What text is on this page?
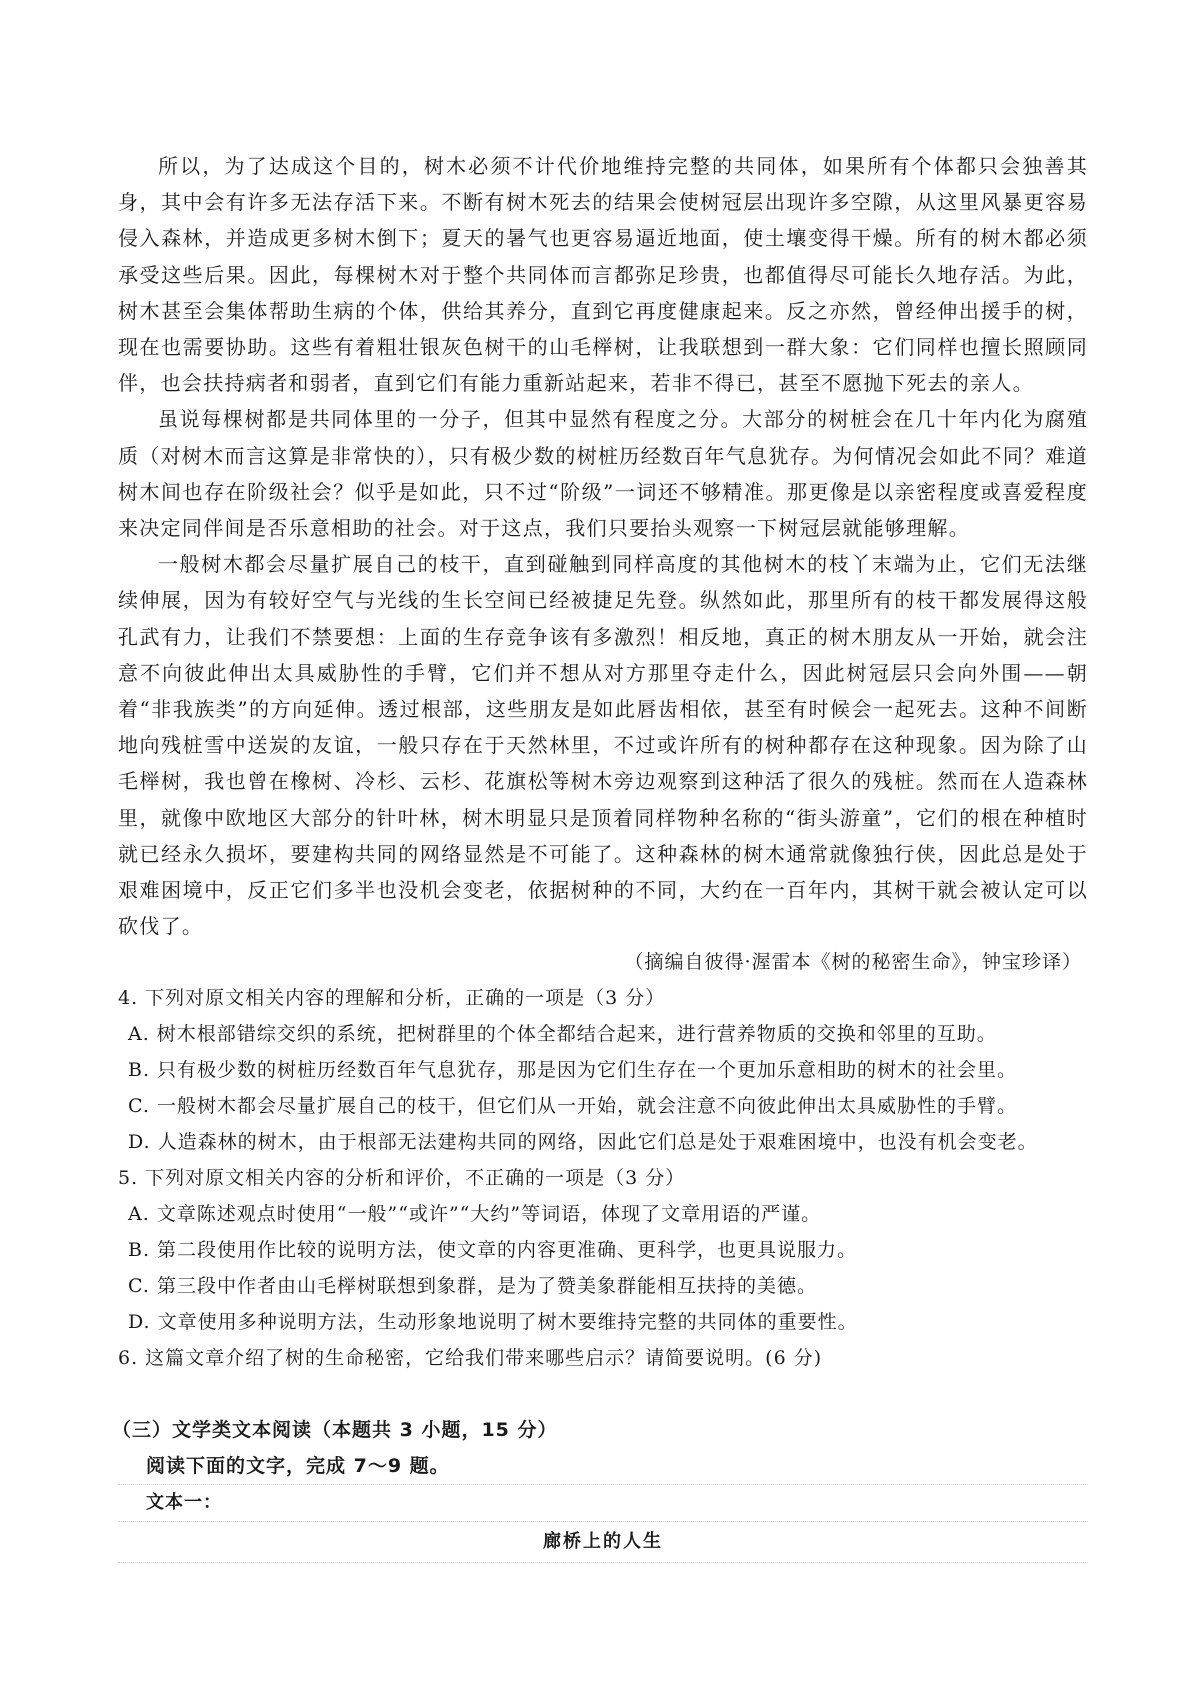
所以，为了达成这个目的，树木必须不计代价地维持完整的共同体，如果所有个体都只会独善其身，其中会有许多无法存活下来。不断有树木死去的结果会使树冠层出现许多空隙，从这里风暴更容易侵入森林，并造成更多树木倒下；夏天的暑气也更容易逼近地面，使土壤变得干燥。所有的树木都必须承受这些后果。因此，每棵树木对于整个共同体而言都弥足珍贵，也都值得尽可能长久地存活。为此，树木甚至会集体帮助生病的个体，供给其养分，直到它再度健康起来。反之亦然，曾经伸出援手的树，现在也需要协助。这些有着粗壮银灰色树干的山毛榉树，让我联想到一群大象：它们同样也擅长照顾同伴，也会扶持病者和弱者，直到它们有能力重新站起来，若非不得已，甚至不愿抛下死去的亲人。

虽说每棵树都是共同体里的一分子，但其中显然有程度之分。大部分的树桩会在几十年内化为腐殖质（对树木而言这算是非常快的），只有极少数的树桩历经数百年气息犹存。为何情况会如此不同？难道树木间也存在阶级社会？似乎是如此，只不过“阶级”一词还不够精准。那更像是以亲密程度或喜爱程度来决定同伴间是否乐意相助的社会。对于这点，我们只要抬头观察一下树冠层就能够理解。

一般树木都会尽量扩展自己的枝干，直到碰触到同样高度的其他树木的枝丫末端为止，它们无法继续伸展，因为有较好空气与光线的生长空间已经被捷足先登。纵然如此，那里所有的枝干都发展得这般孔武有力，让我们不禁要想：上面的生存竞争该有多激烈！相反地，真正的树木朋友从一开始，就会注意不向彼此伸出太具威胁性的手臂，它们并不想从对方那里夺走什么，因此树冠层只会向外围——朝着“非我族类”的方向延伸。透过根部，这些朋友是如此唇齿相依，甚至有时候会一起死去。这种不间断地向残桩雪中送炭的友谊，一般只存在于天然林里，不过或许所有的树种都存在这种现象。因为除了山毛榉树，我也曾在橡树、冷杉、云杉、花旗松等树木旁边观察到这种活了很久的残桩。然而在人造森林里，就像中欧地区大部分的针叶林，树木明显只是顶着同样物种名称的“街头游童”，它们的根在种植时就已经永久损坏，要建构共同的网络显然是不可能了。这种森林的树木通常就像独行侠，因此总是处于艰难困境中，反正它们多半也没机会变老，依据树种的不同，大约在一百年内，其树干就会被认定可以砍伐了。

（摘编自彼得·渥雷本《树的秘密生命》，钟宝珍译）

4. 下列对原文相关内容的理解和分析，正确的一项是（3 分）

A. 树木根部错综交织的系统，把树群里的个体全都结合起来，进行营养物质的交换和邻里的互助。

B. 只有极少数的树桩历经数百年气息犹存，那是因为它们生存在一个更加乐意相助的树木的社会里。

C. 一般树木都会尽量扩展自己的枝干，但它们从一开始，就会注意不向彼此伸出太具威胁性的手臂。

D. 人造森林的树木，由于根部无法建构共同的网络，因此它们总是处于艰难困境中，也没有机会变老。

5. 下列对原文相关内容的分析和评价，不正确的一项是（3 分）

A. 文章陈述观点时使用“一般”“或许”“大约”等词语，体现了文章用语的严谨。

B. 第二段使用作比较的说明方法，使文章的内容更准确、更科学，也更具说服力。

C. 第三段中作者由山毛榉树联想到象群，是为了赞美象群能相互扶持的美德。

D. 文章使用多种说明方法，生动形象地说明了树木要维持完整的共同体的重要性。

6. 这篇文章介绍了树的生命秘密，它给我们带来哪些启示？请简要说明。(6 分)

（三）文学类文本阅读（本题共 3 小题，15 分）

阅读下面的文字，完成 7～9 题。

文本一：

廊桥上的人生
